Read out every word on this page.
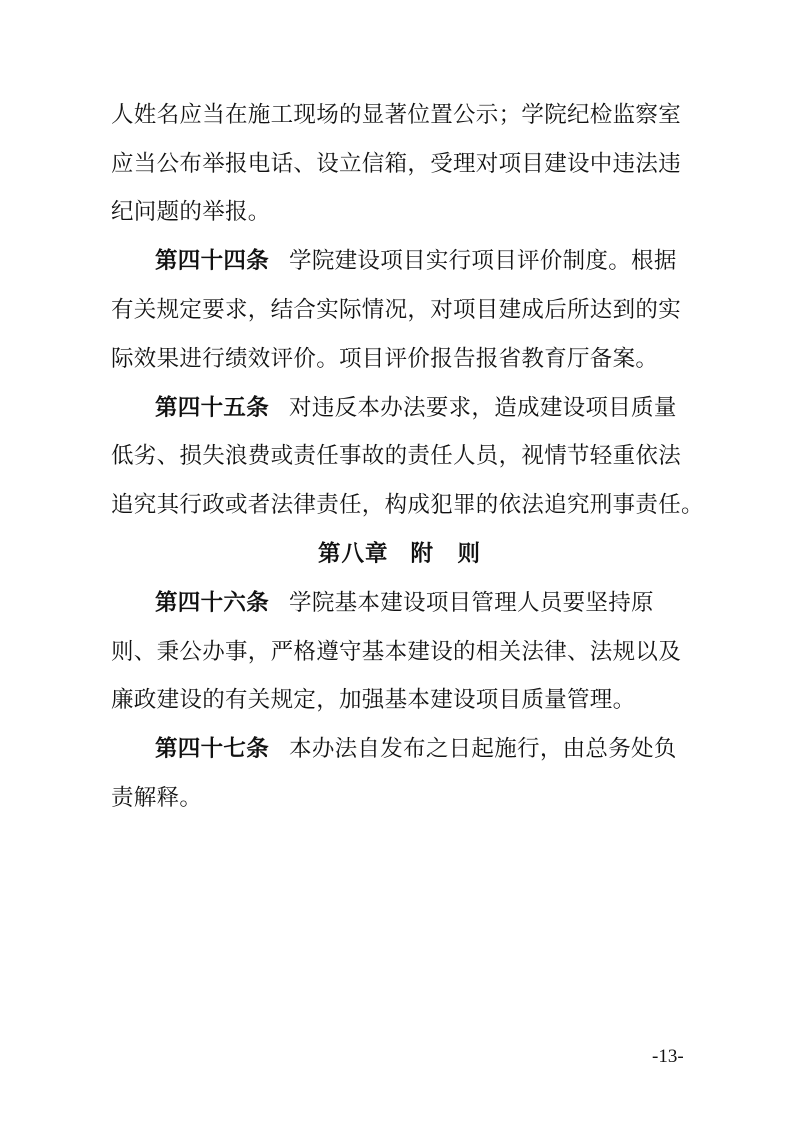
人姓名应当在施工现场的显著位置公示；学院纪检监察室
应当公布举报电话、设立信箱，受理对项目建设中违法违
纪问题的举报。
第四十四条 学院建设项目实行项目评价制度。根据
有关规定要求，结合实际情况，对项目建成后所达到的实
际效果进行绩效评价。项目评价报告报省教育厅备案。
第四十五条 对违反本办法要求，造成建设项目质量
低劣、损失浪费或责任事故的责任人员，视情节轻重依法
追究其行政或者法律责任，构成犯罪的依法追究刑事责任。
第八章 附　则
第四十六条 学院基本建设项目管理人员要坚持原
则、秉公办事，严格遵守基本建设的相关法律、法规以及
廉政建设的有关规定，加强基本建设项目质量管理。
第四十七条 本办法自发布之日起施行，由总务处负
责解释。
-13-
